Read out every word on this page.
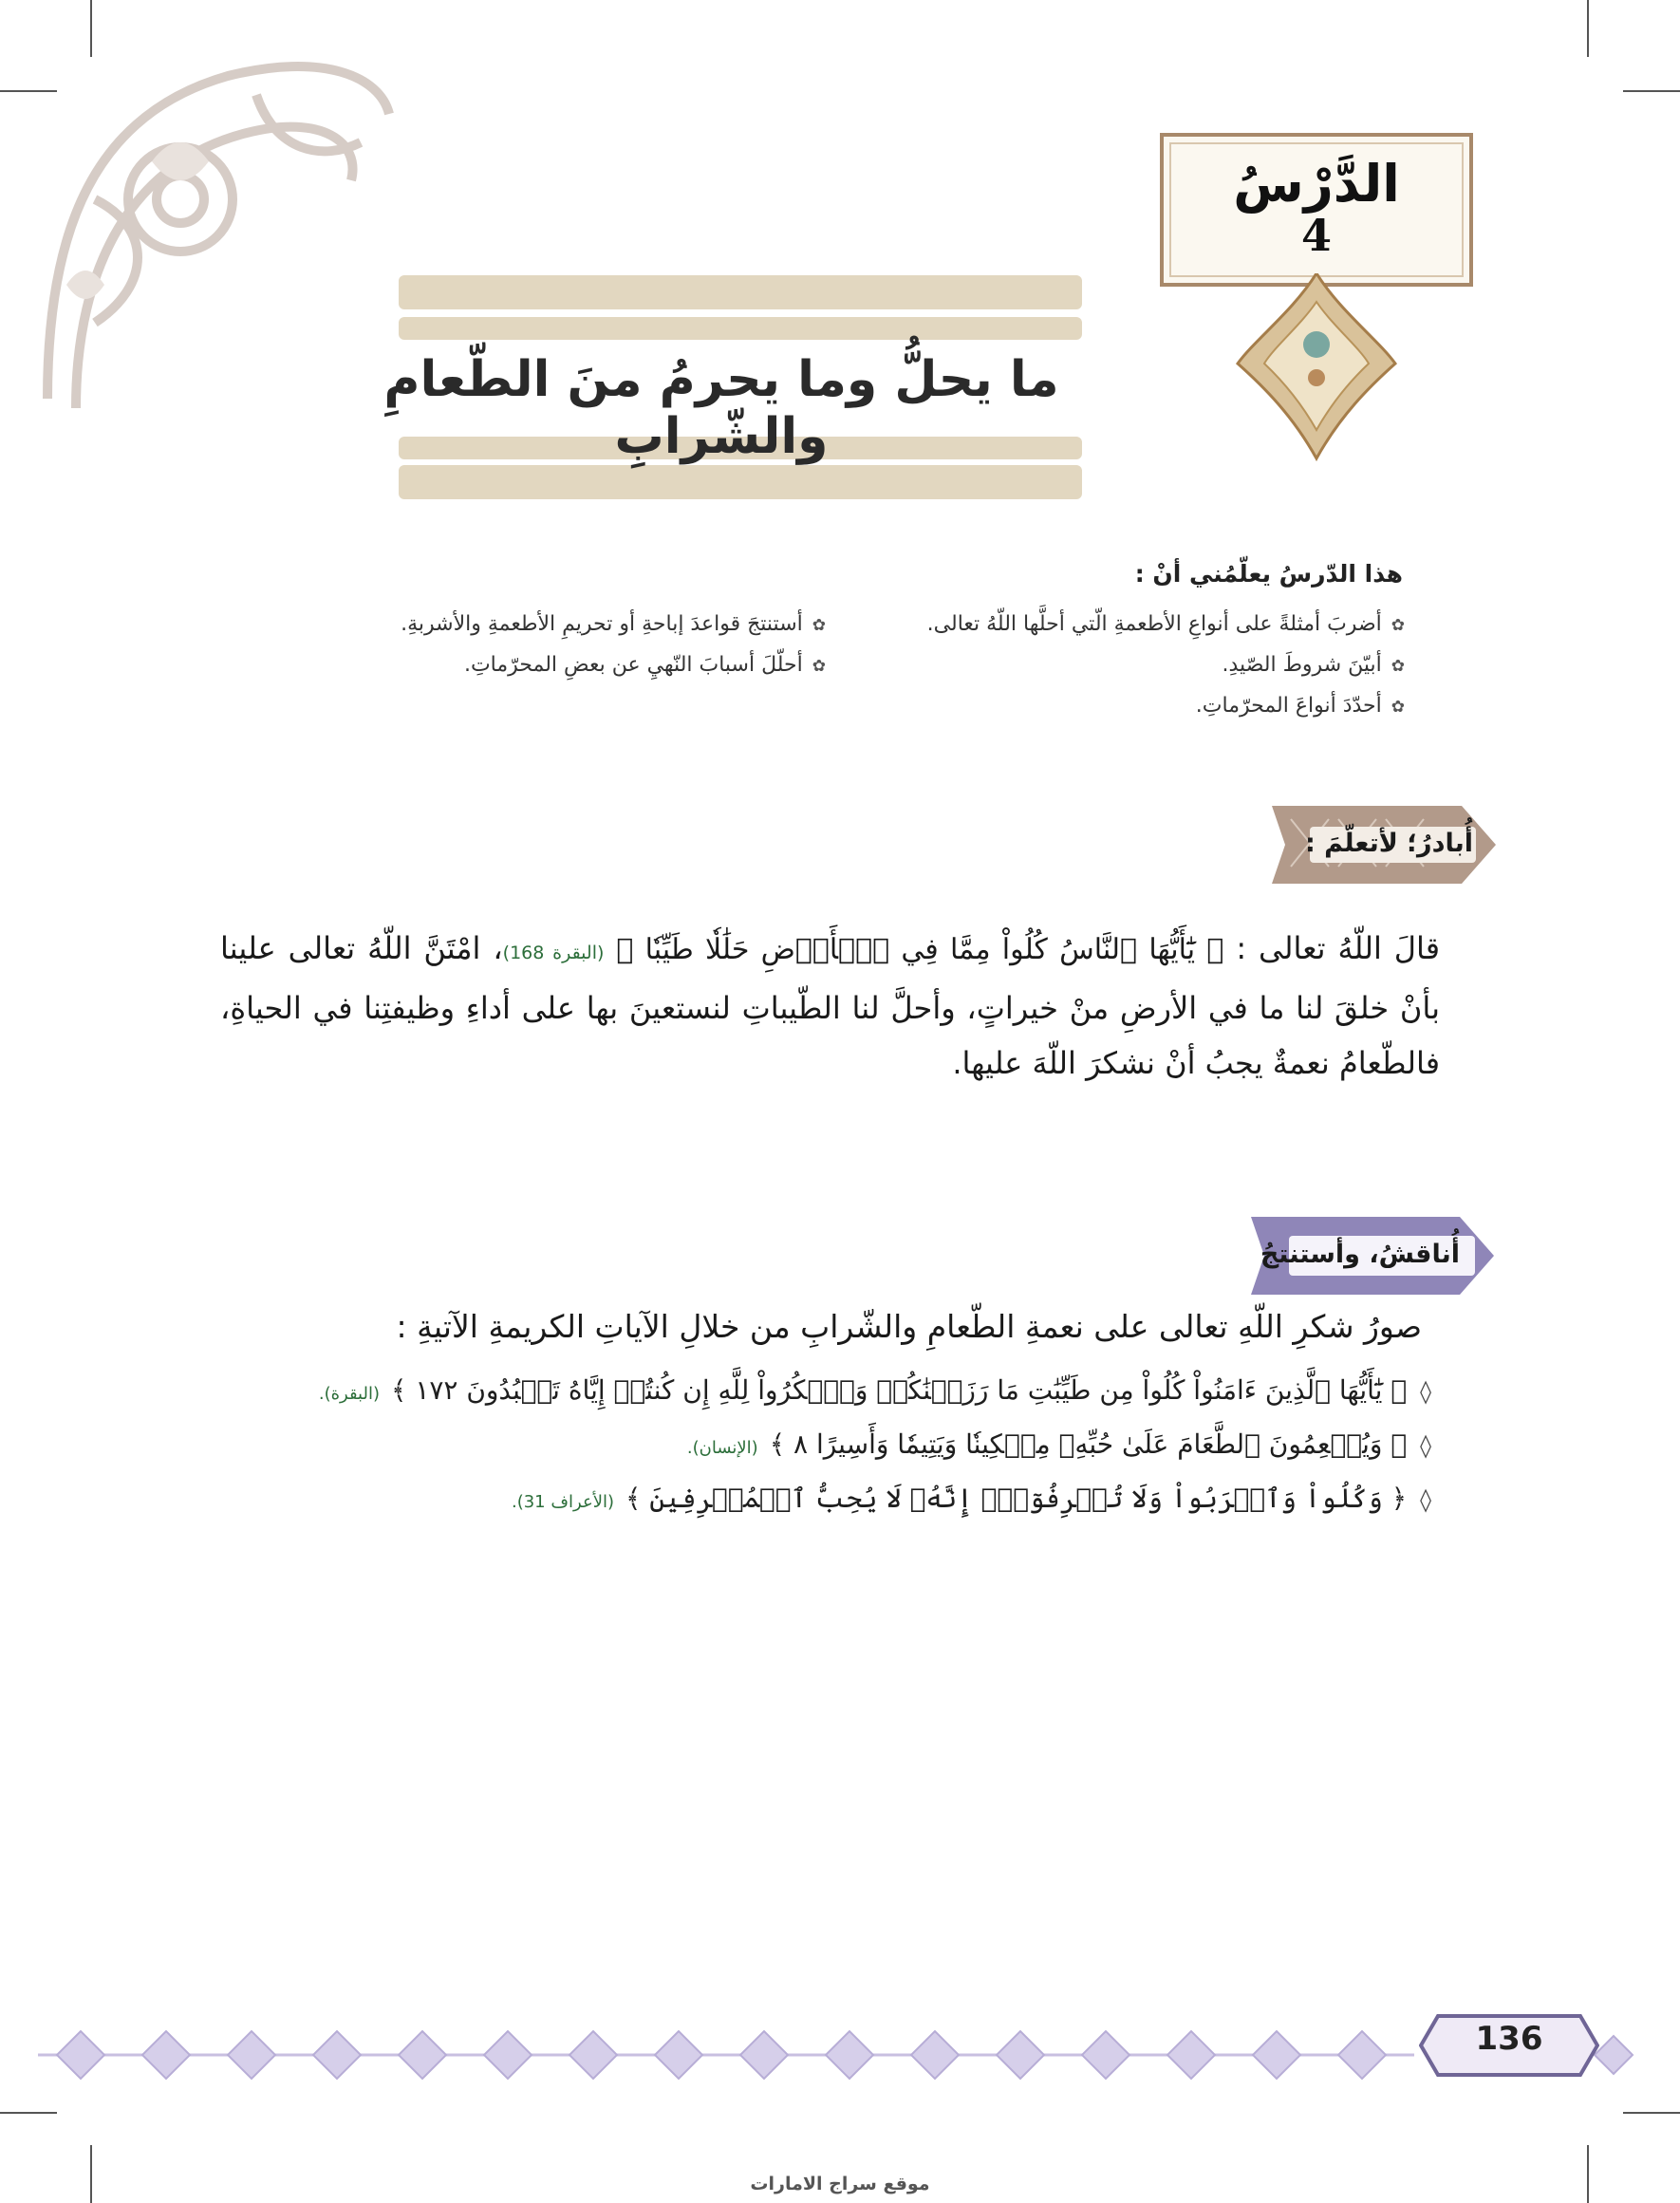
الدَّرْسُ
4
ما يحلُّ وما يحرمُ منَ الطّعامِ والشّرابِ
هذا الدّرسُ يعلّمُني أنْ :
✿أضربَ أمثلةً على أنواعِ الأطعمةِ الّتي أحلَّها اللّهُ تعالى.
✿أبيّنَ شروطَ الصّيدِ.
✿أحدّدَ أنواعَ المحرّماتِ.
✿أستنتجَ قواعدَ إباحةِ أو تحريمِ الأطعمةِ والأشربةِ.
✿أحلّلَ أسبابَ النّهيِ عن بعضِ المحرّماتِ.
أُبادرُ؛ لأتعلّمَ :
قالَ اللّهُ تعالى : ﴿ يَٰٓأَيُّهَا ٱلنَّاسُ كُلُواْ مِمَّا فِي ٱلۡأَرۡضِ حَلَٰلٗا طَيِّبٗا ﴾ (البقرة 168)، امْتَنَّ اللّهُ تعالى علينا بأنْ خلقَ لنا ما في الأرضِ منْ خيراتٍ، وأحلَّ لنا الطّيباتِ لنستعينَ بها على أداءِ وظيفتِنا في الحياةِ، فالطّعامُ نعمةٌ يجبُ أنْ نشكرَ اللّهَ عليها.
أُناقشُ، وأستنتجُ
صورُ شكرِ اللّهِ تعالى على نعمةِ الطّعامِ والشّرابِ من خلالِ الآياتِ الكريمةِ الآتيةِ :
◊﴿ يَٰٓأَيُّهَا ٱلَّذِينَ ءَامَنُواْ كُلُواْ مِن طَيِّبَٰتِ مَا رَزَقۡنَٰكُمۡ وَٱشۡكُرُواْ لِلَّهِ إِن كُنتُمۡ إِيَّاهُ تَعۡبُدُونَ ١٧٢ ﴾(البقرة).
◊﴿ وَيُطۡعِمُونَ ٱلطَّعَامَ عَلَىٰ حُبِّهِۦ مِسۡكِينٗا وَيَتِيمٗا وَأَسِيرًا ٨ ﴾(الإنسان).
◊﴿ وَكُلُواْ وَٱشۡرَبُواْ وَلَا تُسۡرِفُوٓاْۚ إِنَّهُۥ لَا يُحِبُّ ٱلۡمُسۡرِفِينَ ﴾(الأعراف 31).
136
موقع سراج الامارات
